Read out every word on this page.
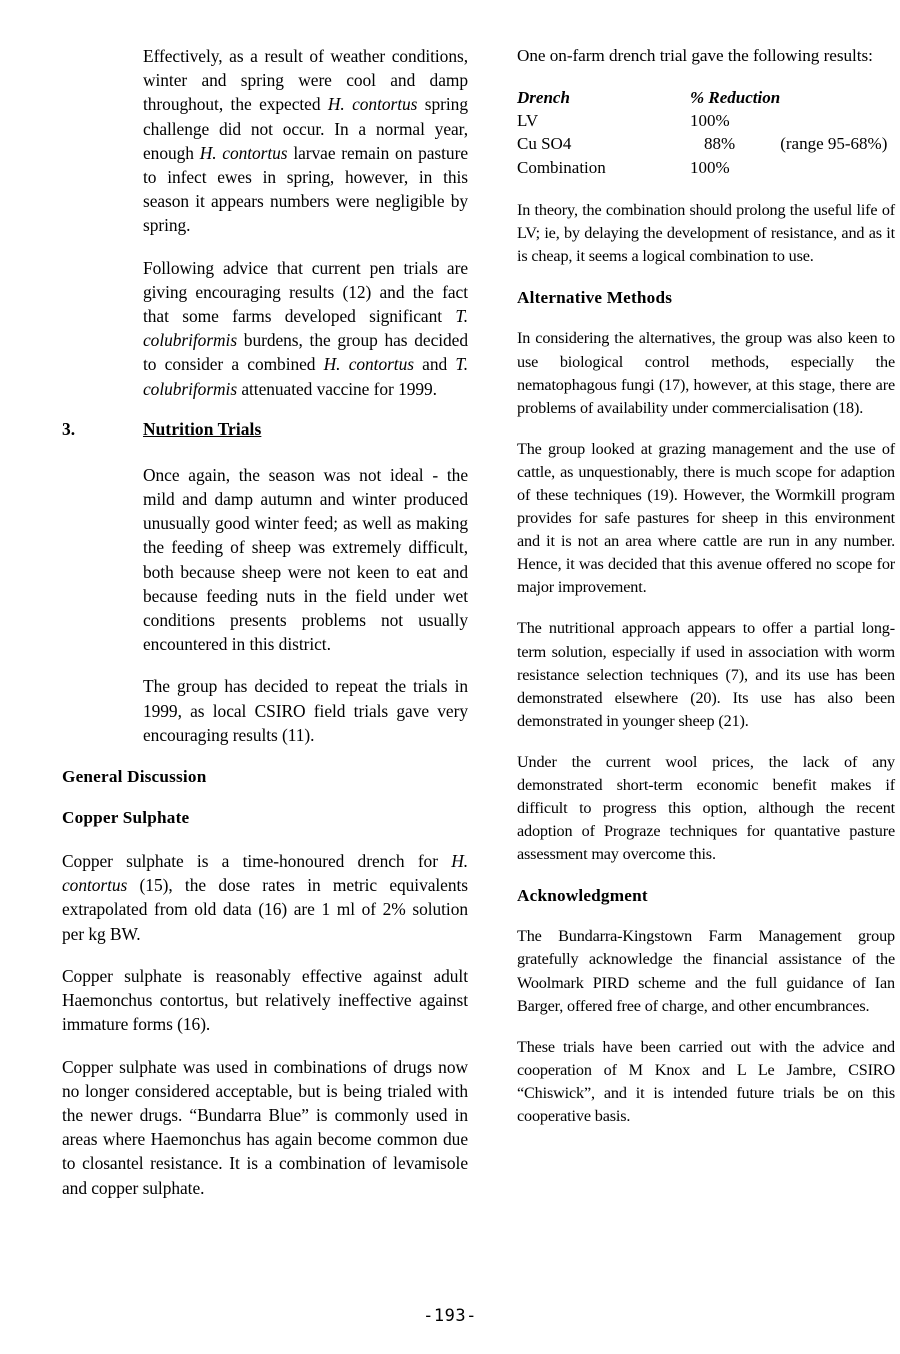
Effectively, as a result of weather conditions, winter and spring were cool and damp throughout, the expected H. contortus spring challenge did not occur. In a normal year, enough H. contortus larvae remain on pasture to infect ewes in spring, however, in this season it appears numbers were negligible by spring.

Following advice that current pen trials are giving encouraging results (12) and the fact that some farms developed significant T. colubriformis burdens, the group has decided to consider a combined H. contortus and T. colubriformis attenuated vaccine for 1999.

3.	Nutrition Trials

Once again, the season was not ideal - the mild and damp autumn and winter produced unusually good winter feed; as well as making the feeding of sheep was extremely difficult, both because sheep were not keen to eat and because feeding nuts in the field under wet conditions presents problems not usually encountered in this district.

The group has decided to repeat the trials in 1999, as local CSIRO field trials gave very encouraging results (11).

General Discussion
Copper Sulphate

Copper sulphate is a time-honoured drench for H. contortus (15), the dose rates in metric equivalents extrapolated from old data (16) are 1 ml of 2% solution per kg BW.

Copper sulphate is reasonably effective against adult Haemonchus contortus, but relatively ineffective against immature forms (16).

Copper sulphate was used in combinations of drugs now no longer considered acceptable, but is being trialed with the newer drugs. “Bundarra Blue” is commonly used in areas where Haemonchus has again become common due to closantel resistance. It is a combination of levamisole and copper sulphate.

One on-farm drench trial gave the following results:

Drench	% Reduction	
LV	100%	
Cu SO4	88%	(range 95-68%)
Combination	100%	

In theory, the combination should prolong the useful life of LV; ie, by delaying the development of resistance, and as it is cheap, it seems a logical combination to use.

Alternative Methods

In considering the alternatives, the group was also keen to use biological control methods, especially the nematophagous fungi (17), however, at this stage, there are problems of availability under commercialisation (18).

The group looked at grazing management and the use of cattle, as unquestionably, there is much scope for adaption of these techniques (19). However, the Wormkill program provides for safe pastures for sheep in this environment and it is not an area where cattle are run in any number. Hence, it was decided that this avenue offered no scope for major improvement.

The nutritional approach appears to offer a partial long-term solution, especially if used in association with worm resistance selection techniques (7), and its use has been demonstrated elsewhere (20). Its use has also been demonstrated in younger sheep (21).

Under the current wool prices, the lack of any demonstrated short-term economic benefit makes if difficult to progress this option, although the recent adoption of Prograze techniques for quantative pasture assessment may overcome this.

Acknowledgment

The Bundarra-Kingstown Farm Management group gratefully acknowledge the financial assistance of the Woolmark PIRD scheme and the full guidance of Ian Barger, offered free of charge, and other encumbrances.

These trials have been carried out with the advice and cooperation of M Knox and L Le Jambre, CSIRO “Chiswick”, and it is intended future trials be on this cooperative basis.

-193-
